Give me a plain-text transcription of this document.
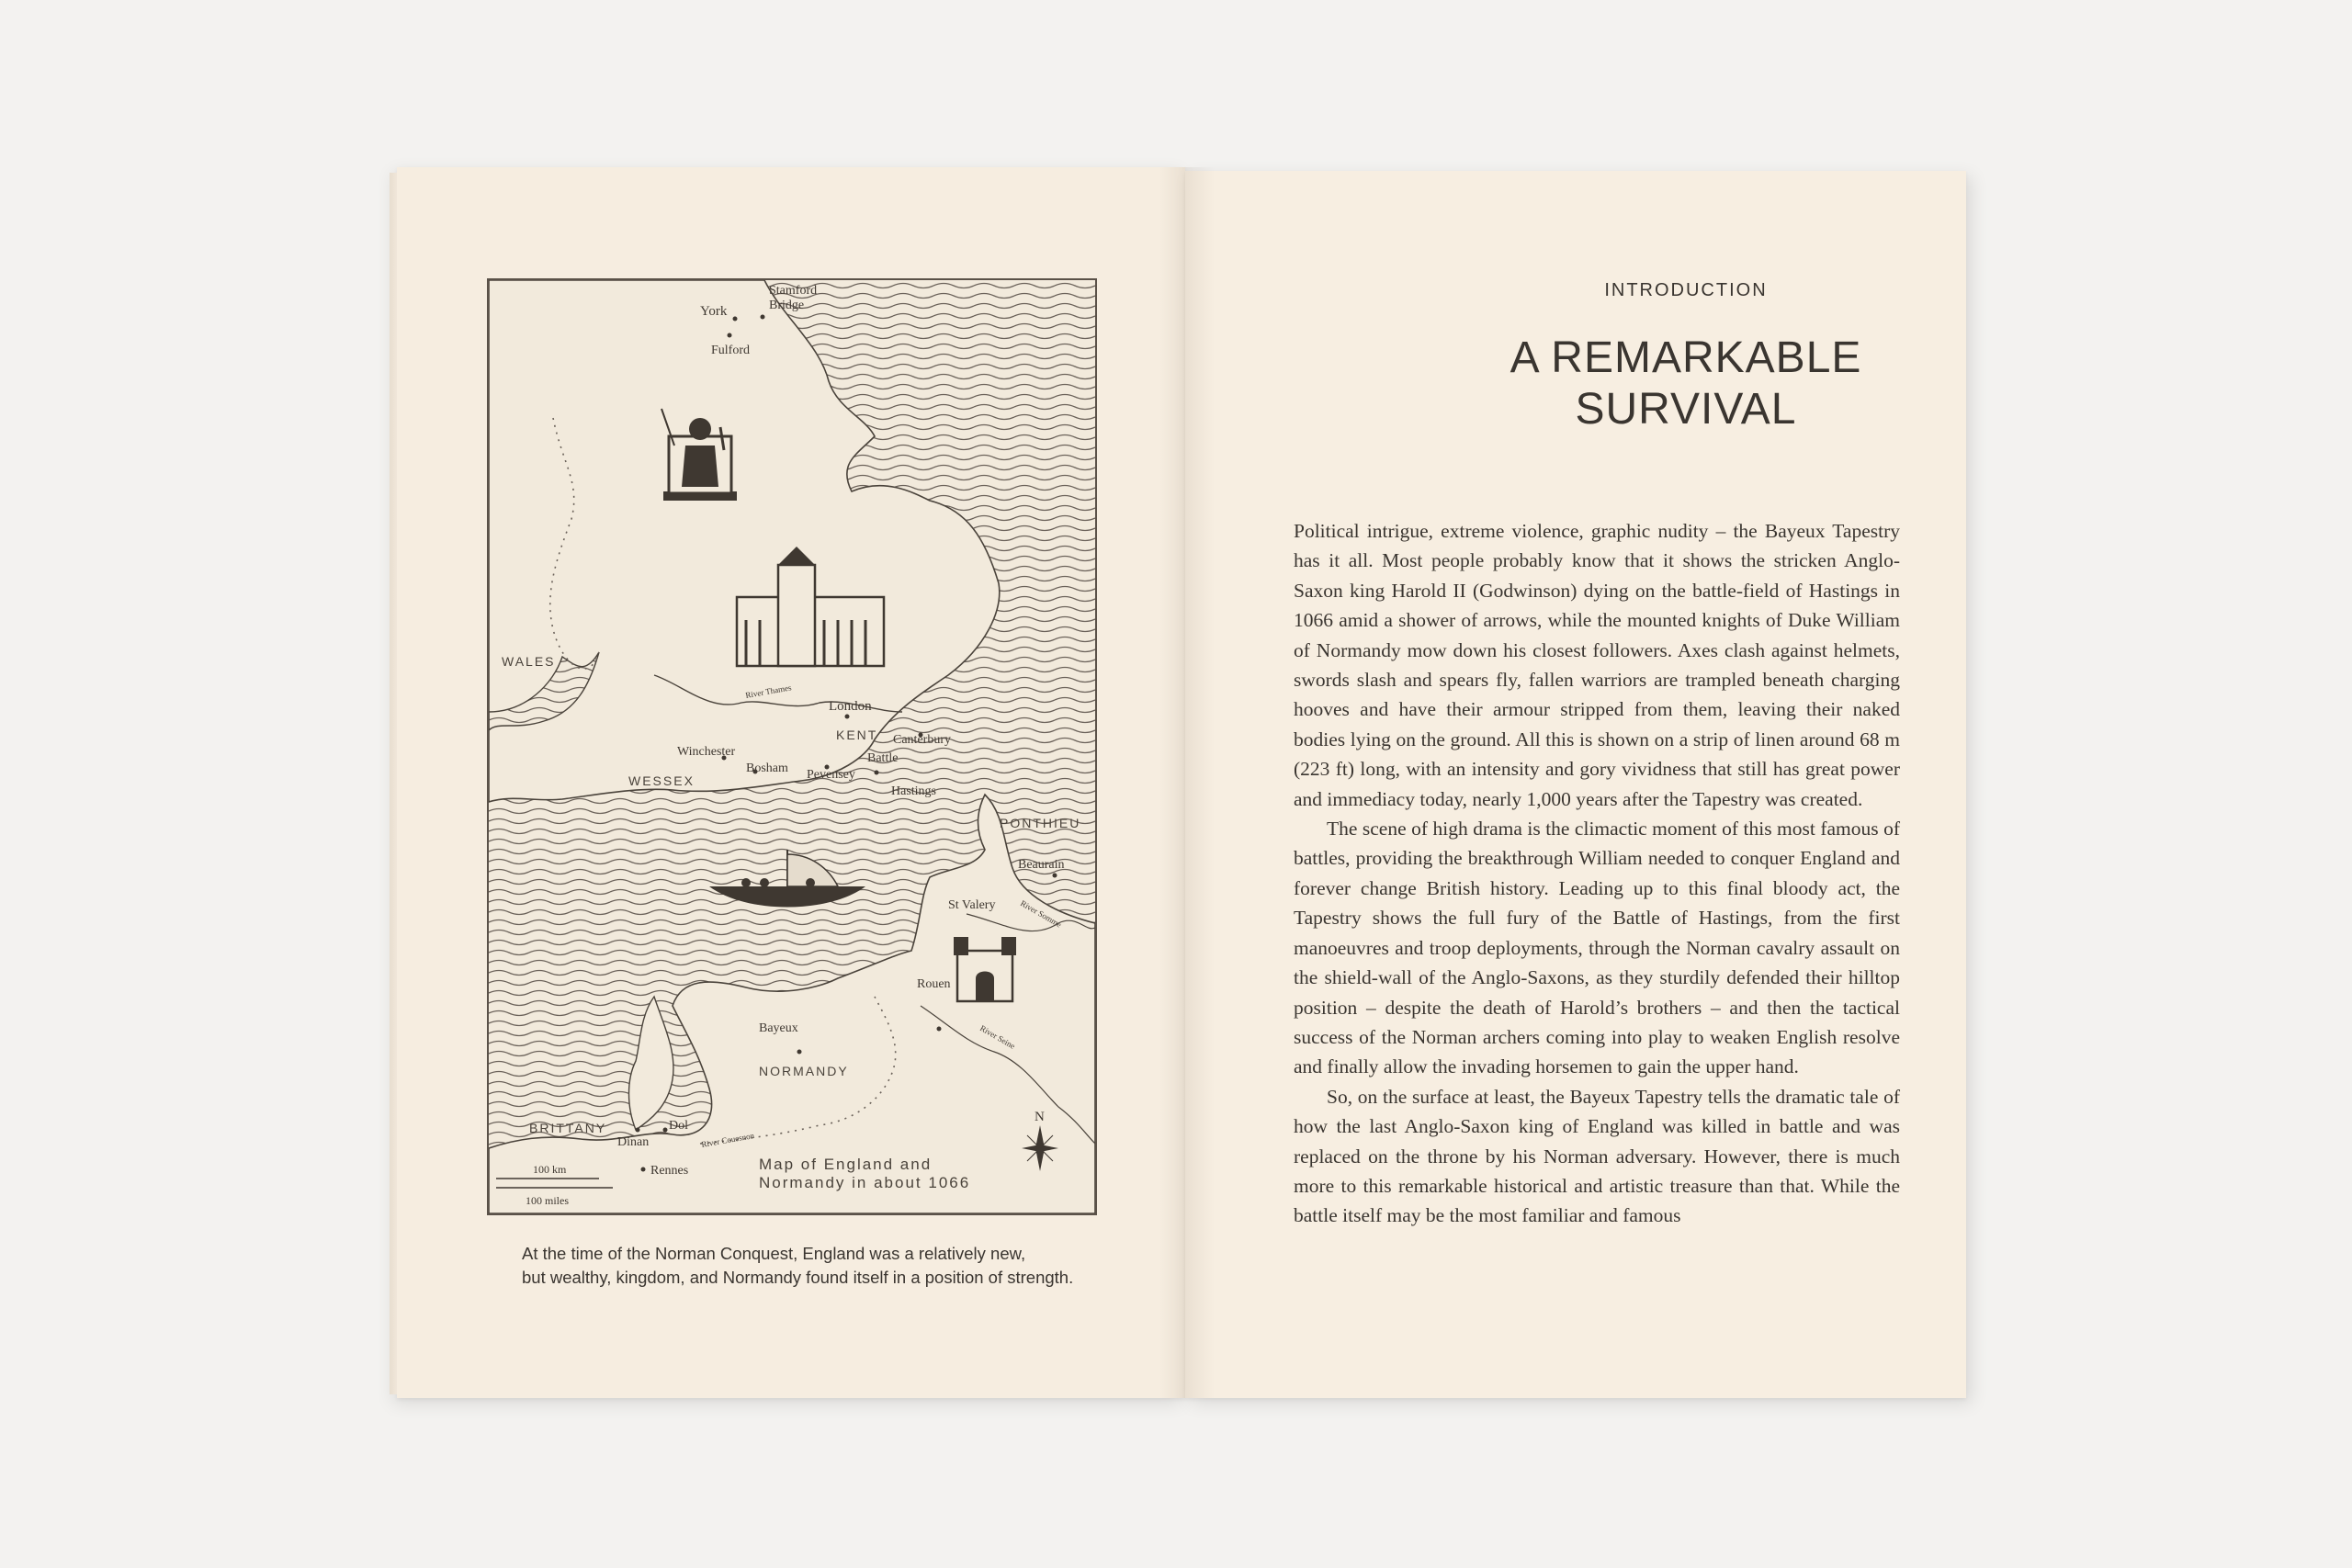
N
100 km
100 miles
York
Stamford
Bridge
Fulford
WALES
London
River Thames
KENT Canterbury
Winchester
WESSEX
Bosham Pevensey
Battle
Hastings
PONTHIEU
Beaurain
St Valery	River Somme
Rouen
River Seine
Bayeux
NORMANDY
BRITTANY
Dinan
Dol
River Couesnon
Rennes	Map of England and
Normandy in about 1066
At the time of the Norman Conquest, England was a relatively new,
but wealthy, kingdom, and Normandy found itself in a position of strength.
INTRODUCTION
A REMARKABLE
SURVIVAL

Political intrigue, extreme violence, graphic nudity – the Bayeux Tapestry has it all. Most people probably know that it shows the stricken Anglo-Saxon king Harold II (Godwinson) dying on the battle-field of Hastings in 1066 amid a shower of arrows, while the mounted knights of Duke William of Normandy mow down his closest followers. Axes clash against helmets, swords slash and spears fly, fallen warriors are trampled beneath charging hooves and have their armour stripped from them, leaving their naked bodies lying on the ground. All this is shown on a strip of linen around 68 m (223 ft) long, with an intensity and gory vividness that still has great power and immediacy today, nearly 1,000 years after the Tapestry was created.

The scene of high drama is the climactic moment of this most famous of battles, providing the breakthrough William needed to conquer England and forever change British history. Leading up to this final bloody act, the Tapestry shows the full fury of the Battle of Hastings, from the first manoeuvres and troop deployments, through the Norman cavalry assault on the shield-wall of the Anglo-Saxons, as they sturdily defended their hilltop position – despite the death of Harold’s brothers – and then the tactical success of the Norman archers coming into play to weaken English resolve and finally allow the invading horsemen to gain the upper hand.

So, on the surface at least, the Bayeux Tapestry tells the dramatic tale of how the last Anglo-Saxon king of England was killed in battle and was replaced on the throne by his Norman adversary. However, there is much more to this remarkable historical and artistic treasure than that. While the battle itself may be the most familiar and famous
